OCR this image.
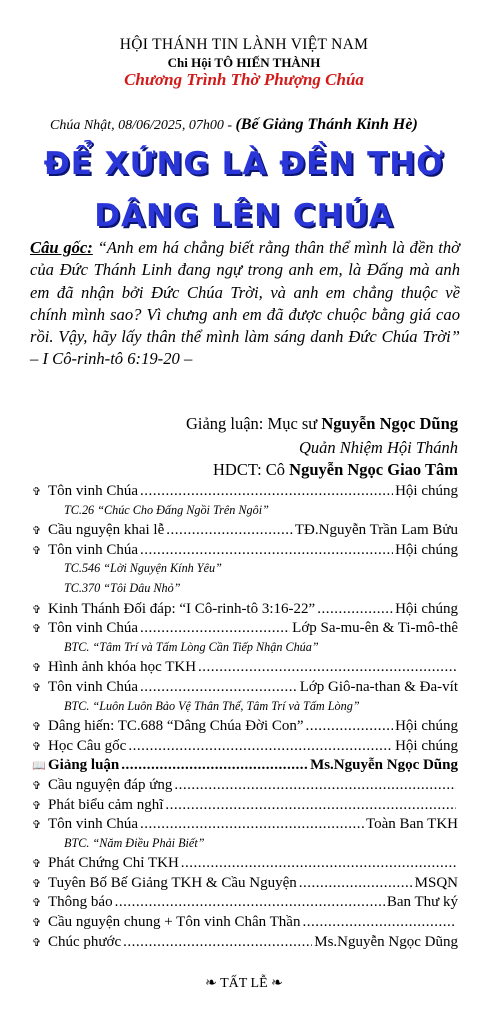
HỘI THÁNH TIN LÀNH VIỆT NAM
Chi Hội TÔ HIẾN THÀNH
Chương Trình Thờ Phượng Chúa
Chúa Nhật, 08/06/2025, 07h00 - (Bế Giảng Thánh Kinh Hè)
ĐỂ XỨNG LÀ ĐỀN THỜ
DÂNG LÊN CHÚA
Câu gốc: “Anh em há chẳng biết rằng thân thể mình là đền thờ của Đức Thánh Linh đang ngự trong anh em, là Đấng mà anh em đã nhận bởi Đức Chúa Trời, và anh em chẳng thuộc về chính mình sao? Vì chưng anh em đã được chuộc bằng giá cao rồi. Vậy, hãy lấy thân thể mình làm sáng danh Đức Chúa Trời” – I Cô-rinh-tô 6:19-20 –
Giảng luận: Mục sư Nguyễn Ngọc Dũng
Quản Nhiệm Hội Thánh
HDCT: Cô Nguyễn Ngọc Giao Tâm
✞ Tôn vinh Chúa .....	Hội chúng
TC.26 “Chúc Cho Đấng Ngồi Trên Ngôi”
✞ Cầu nguyện khai lễ .....	TĐ.Nguyễn Trần Lam Bửu
✞ Tôn vinh Chúa .....	Hội chúng
TC.546 “Lời Nguyện Kính Yêu”
TC.370 “Tôi Dâu Nhỏ”
✞ Kinh Thánh Đối đáp: “I Cô-rinh-tô 3:16-22” .....	Hội chúng
✞ Tôn vinh Chúa .....	Lớp Sa-mu-ên & Ti-mô-thê
BTC. “Tâm Trí và Tấm Lòng Cần Tiếp Nhận Chúa”
✞ Hình ảnh khóa học TKH
.....
✞ Tôn vinh Chúa .....	Lớp Giô-na-than & Đa-vít
BTC. “Luôn Luôn Bảo Vệ Thân Thể, Tâm Trí và Tấm Lòng”
✞ Dâng hiến: TC.688 “Dâng Chúa Đời Con” .....	Hội chúng
✞ Học Câu gốc .....	Hội chúng
📖 Giảng luận .....	Ms.Nguyễn Ngọc Dũng
✞ Cầu nguyện đáp ứng
.....
✞ Phát biểu cảm nghĩ
.....
✞ Tôn vinh Chúa .....	Toàn Ban TKH
BTC. “Năm Điều Phải Biết”
✞ Phát Chứng Chỉ TKH
.....
✞ Tuyên Bố Bế Giảng TKH & Cầu Nguyện .....	MSQN
✞ Thông báo .....	Ban Thư ký
✞ Cầu nguyện chung + Tôn vinh Chân Thần
.....
✞ Chúc phước .....	Ms.Nguyễn Ngọc Dũng
❧ TẤT LỄ ❧
